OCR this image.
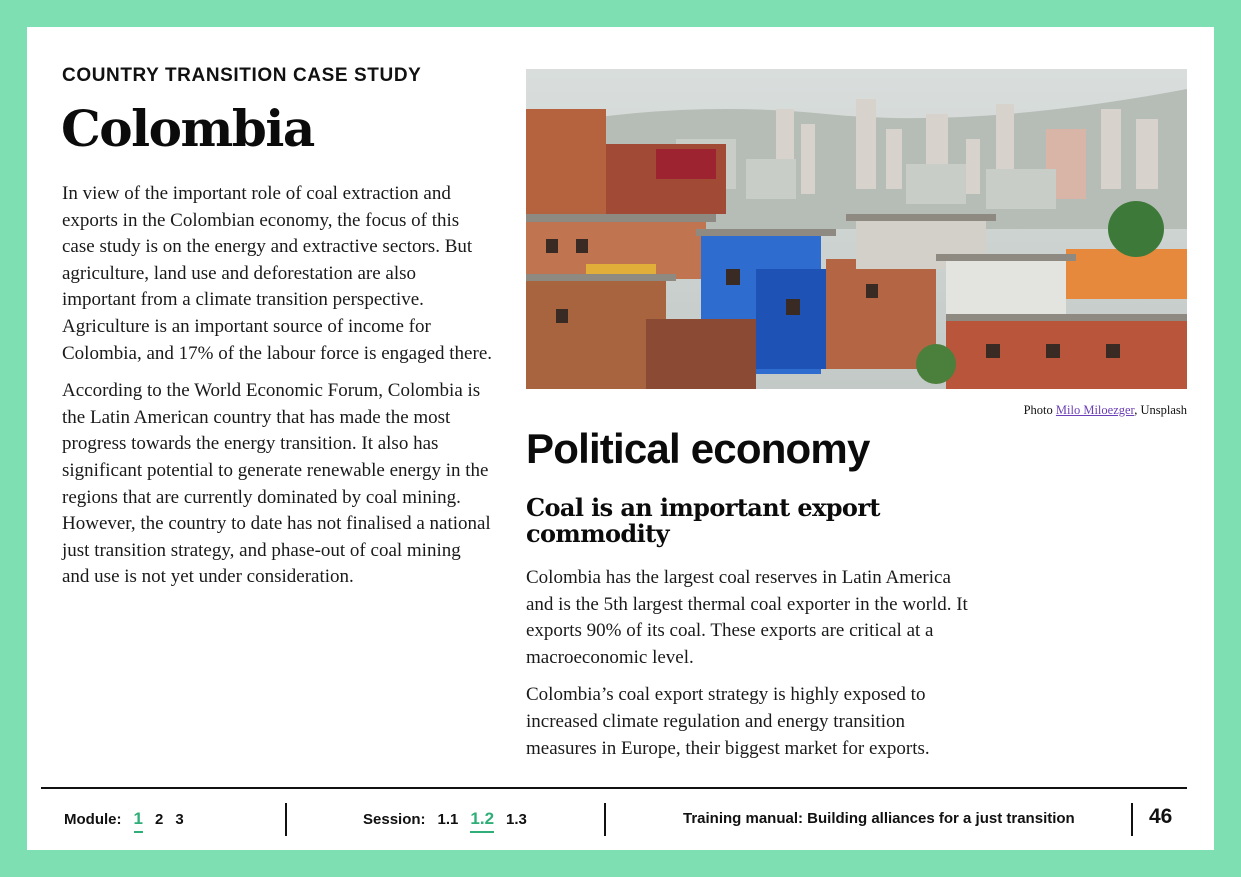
COUNTRY TRANSITION CASE STUDY
Colombia

In view of the important role of coal extraction and exports in the Colombian economy, the focus of this case study is on the energy and extractive sectors. But agriculture, land use and deforestation are also important from a climate transition perspective. Agriculture is an important source of income for Colombia, and 17% of the labour force is engaged there.

According to the World Economic Forum, Colombia is the Latin American country that has made the most progress towards the energy transition. It also has significant potential to generate renewable energy in the regions that are currently dominated by coal mining. However, the country to date has not finalised a national just transition strategy, and phase-out of coal mining and use is not yet under consideration.

Photo Milo Miloezger, Unsplash
Political economy
Coal is an important export commodity

Colombia has the largest coal reserves in Latin America and is the 5th largest thermal coal exporter in the world. It exports 90% of its coal. These exports are critical at a macroeconomic level.

Colombia’s coal export strategy is highly exposed to increased climate regulation and energy transition measures in Europe, their biggest market for exports.

Module: 1 2 3	Session: 1.1 1.2 1.3	Training manual: Building alliances for a just transition	46
